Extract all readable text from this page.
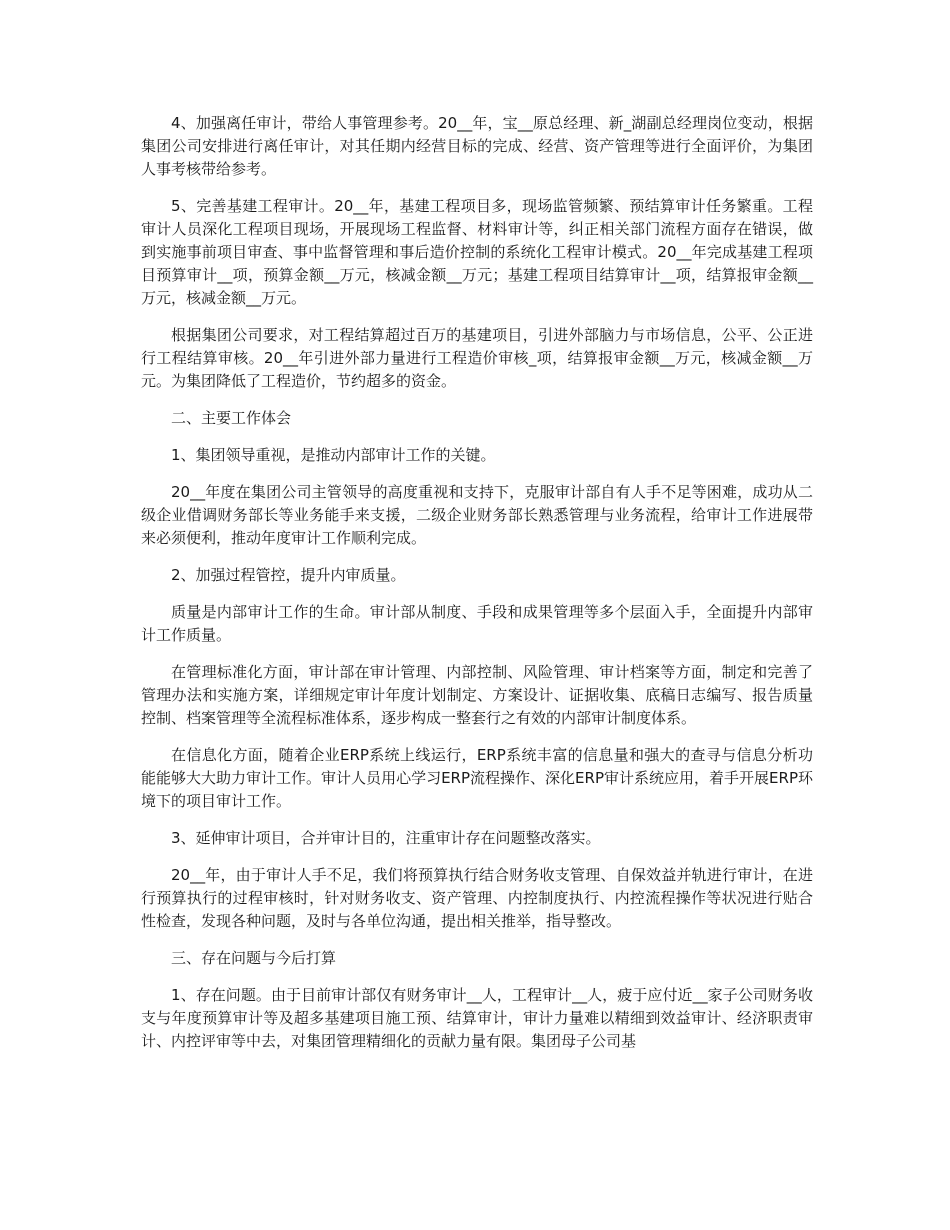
4、加强离任审计，带给人事管理参考。20__年，宝__原总经理、新_湖副总经理岗位变动，根据集团公司安排进行离任审计，对其任期内经营目标的完成、经营、资产管理等进行全面评价，为集团人事考核带给参考。

5、完善基建工程审计。20__年，基建工程项目多，现场监管频繁、预结算审计任务繁重。工程审计人员深化工程项目现场，开展现场工程监督、材料审计等，纠正相关部门流程方面存在错误，做到实施事前项目审查、事中监督管理和事后造价控制的系统化工程审计模式。20__年完成基建工程项目预算审计__项，预算金额__万元，核减金额__万元；基建工程项目结算审计__项，结算报审金额__万元，核减金额__万元。

根据集团公司要求，对工程结算超过百万的基建项目，引进外部脑力与市场信息，公平、公正进行工程结算审核。20__年引进外部力量进行工程造价审核_项，结算报审金额__万元，核减金额__万元。为集团降低了工程造价，节约超多的资金。

二、主要工作体会

1、集团领导重视，是推动内部审计工作的关键。

20__年度在集团公司主管领导的高度重视和支持下，克服审计部自有人手不足等困难，成功从二级企业借调财务部长等业务能手来支援，二级企业财务部长熟悉管理与业务流程，给审计工作进展带来必须便利，推动年度审计工作顺利完成。

2、加强过程管控，提升内审质量。

质量是内部审计工作的生命。审计部从制度、手段和成果管理等多个层面入手，全面提升内部审计工作质量。

在管理标准化方面，审计部在审计管理、内部控制、风险管理、审计档案等方面，制定和完善了管理办法和实施方案，详细规定审计年度计划制定、方案设计、证据收集、底稿日志编写、报告质量控制、档案管理等全流程标准体系，逐步构成一整套行之有效的内部审计制度体系。

在信息化方面，随着企业ERP系统上线运行，ERP系统丰富的信息量和强大的查寻与信息分析功能能够大大助力审计工作。审计人员用心学习ERP流程操作、深化ERP审计系统应用，着手开展ERP环境下的项目审计工作。

3、延伸审计项目，合并审计目的，注重审计存在问题整改落实。

20__年，由于审计人手不足，我们将预算执行结合财务收支管理、自保效益并轨进行审计，在进行预算执行的过程审核时，针对财务收支、资产管理、内控制度执行、内控流程操作等状况进行贴合性检查，发现各种问题，及时与各单位沟通，提出相关推举，指导整改。

三、存在问题与今后打算

1、存在问题。由于目前审计部仅有财务审计__人，工程审计__人，疲于应付近__家子公司财务收支与年度预算审计等及超多基建项目施工预、结算审计，审计力量难以精细到效益审计、经济职责审计、内控评审等中去，对集团管理精细化的贡献力量有限。集团母子公司基
